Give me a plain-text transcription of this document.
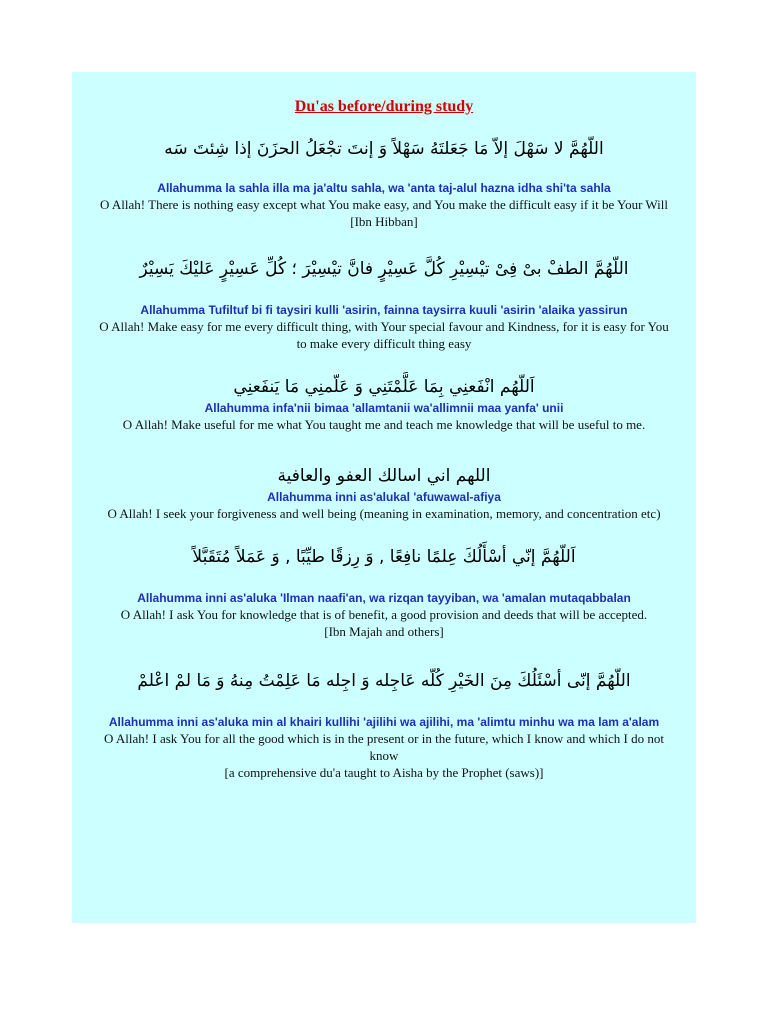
Du'as before/during study
اللّهُمَّ لا سَهْلَ إلاّ مَا جَعَلتَهُ سَهْلاً وَ إنتَ تجْعَلُ الحزَنَ إذا شِئتَ سَه
Allahumma la sahla illa ma ja'altu sahla, wa 'anta taj-alul hazna idha shi'ta sahla
O Allah! There is nothing easy except what You make easy, and You make the difficult easy if it be Your Will
[Ibn Hibban]
اللّهُمَّ الطفْ بىْ فِىْ تيْسِيْرِ كُلَّ عَسِيْرٍ فانَّ تيْسِيْرَ ؛ كُلِّ عَسِيْرٍ عَليْكَ يَسِيْرٌ
Allahumma Tufiltuf bi fi taysiri kulli 'asirin, fainna taysirra kuuli 'asirin 'alaika yassirun
O Allah! Make easy for me every difficult thing, with Your special favour and Kindness, for it is easy for You to make every difficult thing easy
اَللّهُم انْفَعنِي بِمَا عَلَّمْتَنِي وَ عَلّمنِي مَا يَنفَعنِي
Allahumma infa'nii bimaa 'allamtanii wa'allimnii maa yanfa' unii
O Allah! Make useful for me what You taught me and teach me knowledge that will be useful to me.
اللهم اني اسالك العفو والعافية
Allahumma inni as'alukal 'afuwawal-afiya
O Allah! I seek your forgiveness and well being (meaning in examination, memory, and concentration etc)
اَللّهُمَّ إنّي أسْأَلُكَ عِلمًا نافِعًا , وَ رِزقًا طيِّبًا , وَ عَمَلاً مُتَقَبَّلاً
Allahumma inni as'aluka 'Ilman naafi'an, wa rizqan tayyiban, wa 'amalan mutaqabbalan
O Allah! I ask You for knowledge that is of benefit, a good provision and deeds that will be accepted.
[Ibn Majah and others]
اللّهُمَّ إنّى أسْئَلُكَ مِنَ الخَيْرِ كُلّه عَاجِله وَ اجِله مَا عَلِمْتُ مِنهُ وَ مَا لمْ اعْلمْ
Allahumma inni as'aluka min al khairi kullihi 'ajilihi wa ajilihi, ma 'alimtu minhu wa ma lam a'alam
O Allah! I ask You for all the good which is in the present or in the future, which I know and which I do not know
[a comprehensive du'a taught to Aisha by the Prophet (saws)]
